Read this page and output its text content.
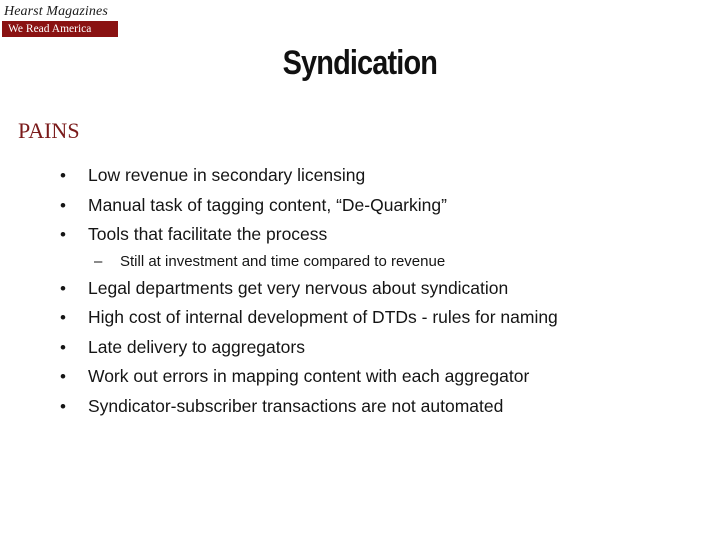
Hearst Magazines
We Read America
Syndication
PAINS
• Low revenue in secondary licensing
• Manual task of tagging content, “De-Quarking”
• Tools that facilitate the process
– Still at investment and time compared to revenue
• Legal departments get very nervous about syndication
• High cost of internal development of DTDs - rules for naming
• Late delivery to aggregators
• Work out errors in mapping content with each aggregator
• Syndicator-subscriber transactions are not automated
